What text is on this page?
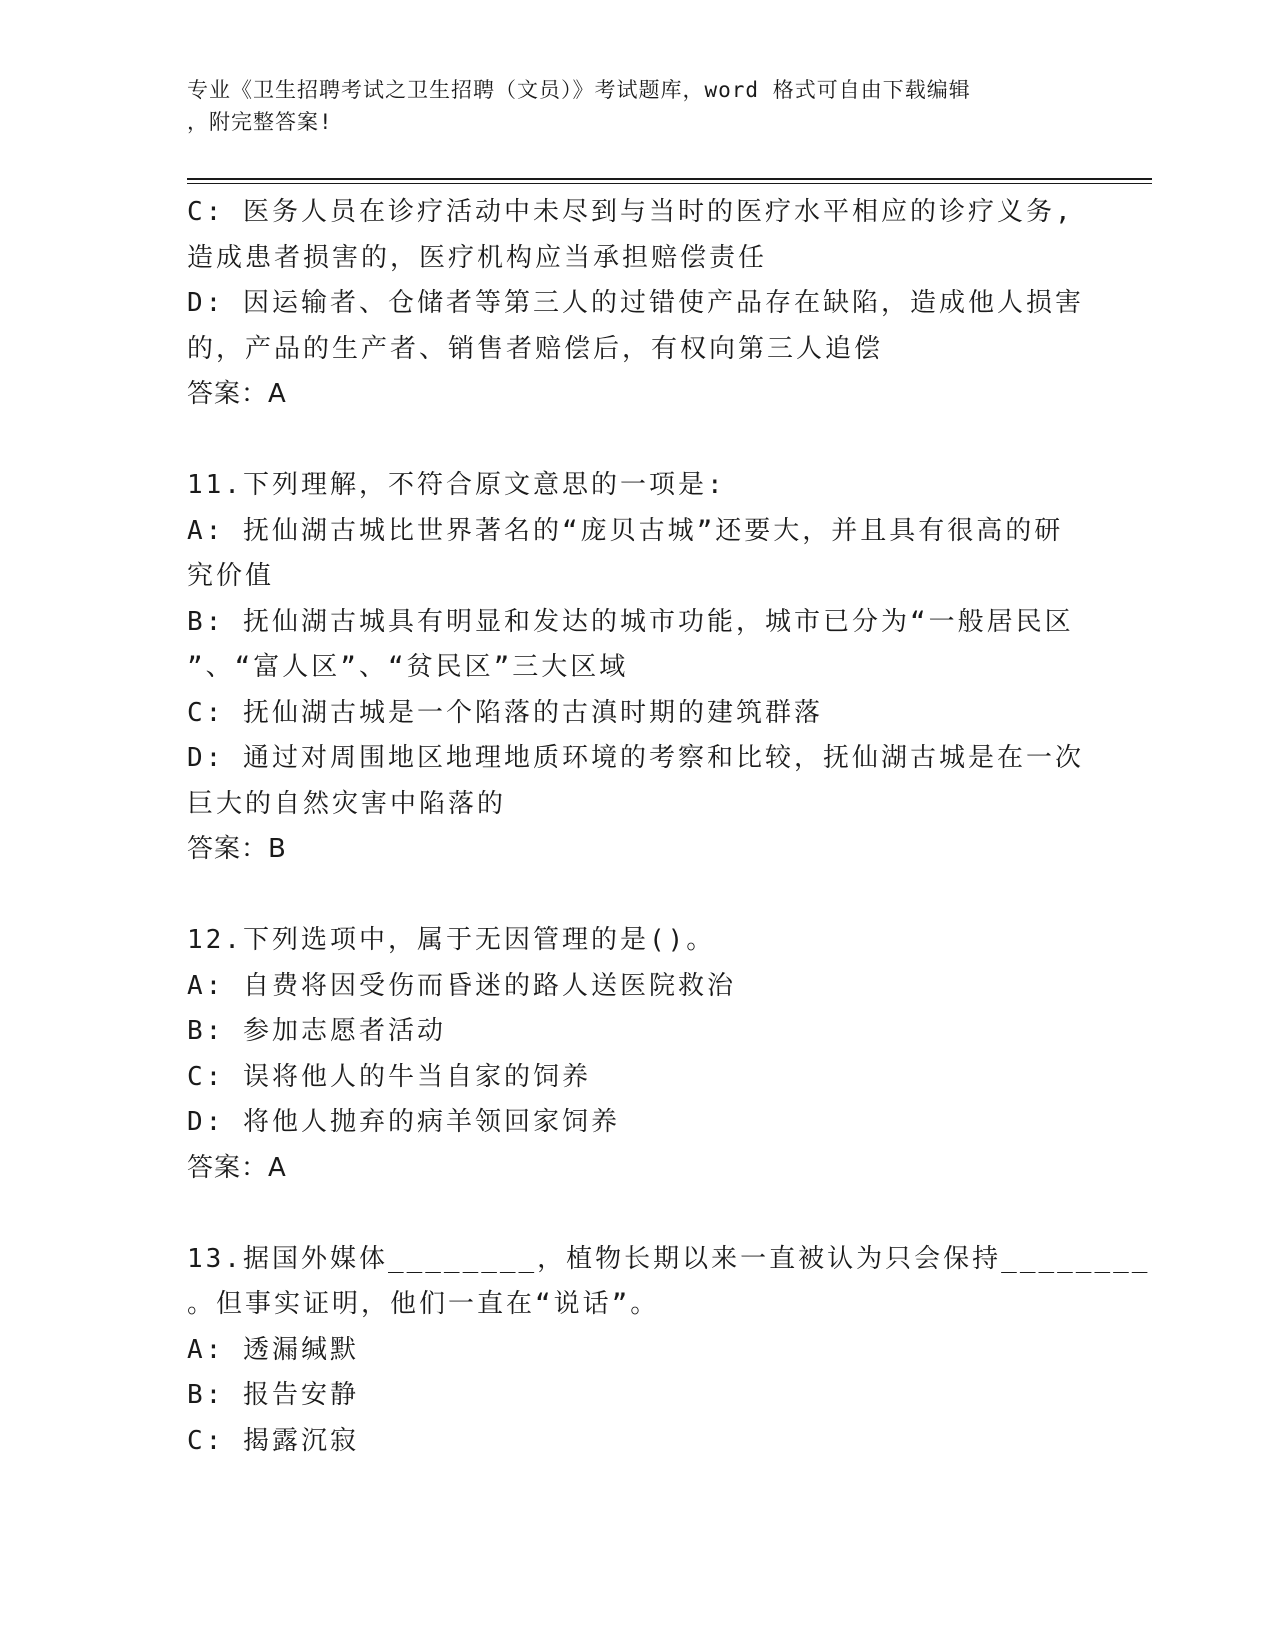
专业《卫生招聘考试之卫生招聘（文员）》考试题库，word 格式可自由下载编辑
，附完整答案!
C: 医务人员在诊疗活动中未尽到与当时的医疗水平相应的诊疗义务,
造成患者损害的，医疗机构应当承担赔偿责任
D: 因运输者、仓储者等第三人的过错使产品存在缺陷，造成他人损害
的，产品的生产者、销售者赔偿后，有权向第三人追偿
答案：A
11.下列理解，不符合原文意思的一项是:
A: 抚仙湖古城比世界著名的“庞贝古城”还要大，并且具有很高的研
究价值
B: 抚仙湖古城具有明显和发达的城市功能，城市已分为“一般居民区
”、“富人区”、“贫民区”三大区域
C: 抚仙湖古城是一个陷落的古滇时期的建筑群落
D: 通过对周围地区地理地质环境的考察和比较，抚仙湖古城是在一次
巨大的自然灾害中陷落的
答案：B
12.下列选项中，属于无因管理的是()。
A: 自费将因受伤而昏迷的路人送医院救治
B: 参加志愿者活动
C: 误将他人的牛当自家的饲养
D: 将他人抛弃的病羊领回家饲养
答案：A
13.据国外媒体________，植物长期以来一直被认为只会保持________
。但事实证明，他们一直在“说话”。
A: 透漏缄默
B: 报告安静
C: 揭露沉寂
